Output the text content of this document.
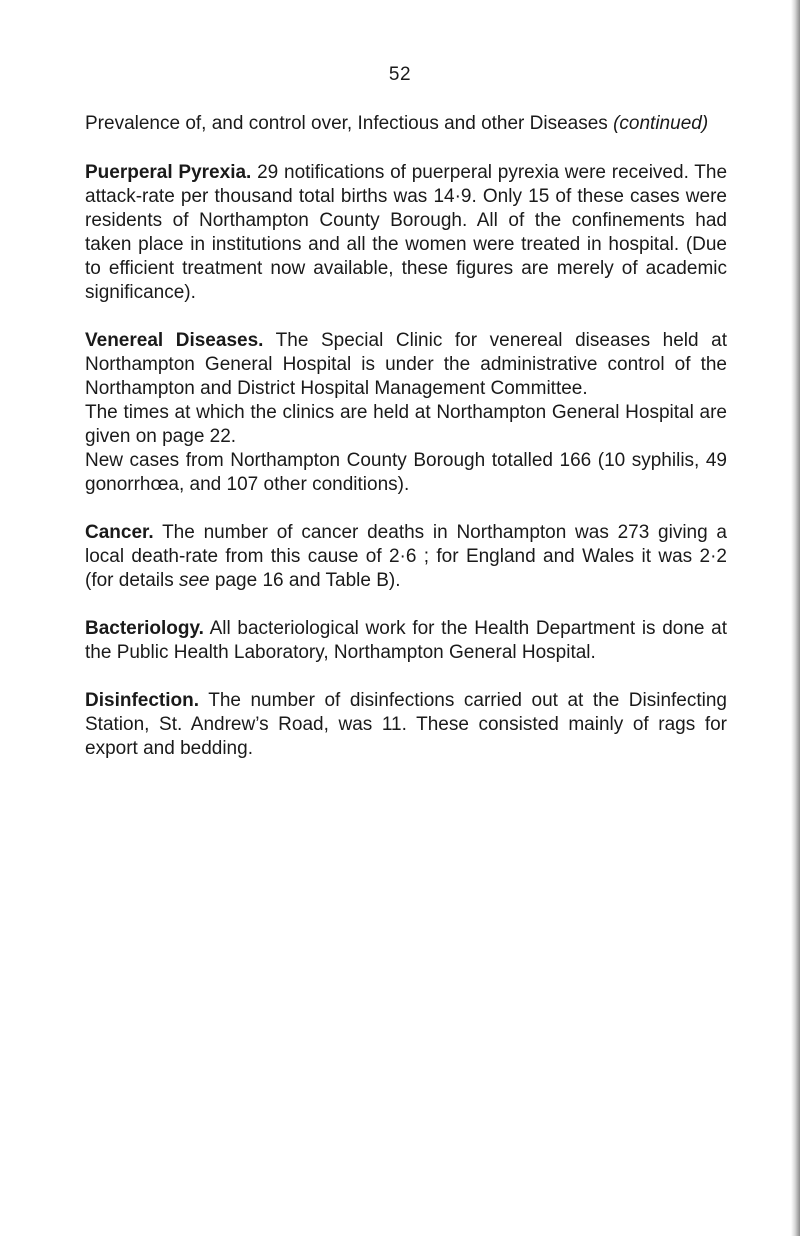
52
Prevalence of, and control over, Infectious and other Diseases (continued)
Puerperal Pyrexia. 29 notifications of puerperal pyrexia were received. The attack-rate per thousand total births was 14·9. Only 15 of these cases were residents of Northampton County Borough. All of the confinements had taken place in institutions and all the women were treated in hospital. (Due to efficient treatment now available, these figures are merely of academic significance).
Venereal Diseases. The Special Clinic for venereal diseases held at Northampton General Hospital is under the administrative control of the Northampton and District Hospital Management Committee.
The times at which the clinics are held at Northampton General Hospital are given on page 22.
New cases from Northampton County Borough totalled 166 (10 syphilis, 49 gonorrhœa, and 107 other conditions).
Cancer. The number of cancer deaths in Northampton was 273 giving a local death-rate from this cause of 2·6 ; for England and Wales it was 2·2 (for details see page 16 and Table B).
Bacteriology. All bacteriological work for the Health Department is done at the Public Health Laboratory, Northampton General Hospital.
Disinfection. The number of disinfections carried out at the Disinfecting Station, St. Andrew’s Road, was 11. These consisted mainly of rags for export and bedding.
